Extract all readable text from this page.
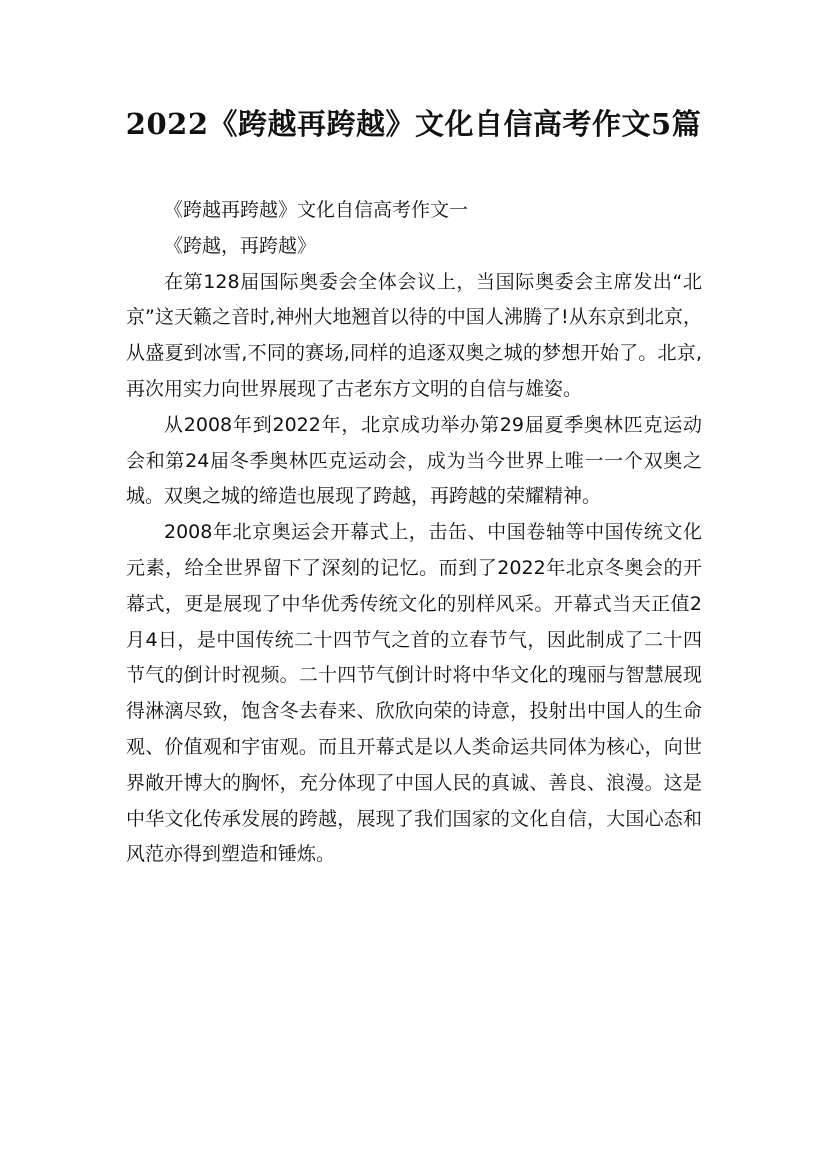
2022《跨越再跨越》文化自信高考作文5篇

《跨越再跨越》文化自信高考作文一

《跨越，再跨越》

在第128届国际奥委会全体会议上，当国际奥委会主席发出“北京”这天籁之音时,神州大地翘首以待的中国人沸腾了!从东京到北京，从盛夏到冰雪,不同的赛场,同样的追逐双奥之城的梦想开始了。北京,再次用实力向世界展现了古老东方文明的自信与雄姿。

从2008年到2022年，北京成功举办第29届夏季奥林匹克运动会和第24届冬季奥林匹克运动会，成为当今世界上唯一一个双奥之城。双奥之城的缔造也展现了跨越，再跨越的荣耀精神。

2008年北京奥运会开幕式上，击缶、中国卷轴等中国传统文化元素，给全世界留下了深刻的记忆。而到了2022年北京冬奥会的开幕式，更是展现了中华优秀传统文化的别样风采。开幕式当天正值2月4日，是中国传统二十四节气之首的立春节气，因此制成了二十四节气的倒计时视频。二十四节气倒计时将中华文化的瑰丽与智慧展现得淋漓尽致，饱含冬去春来、欣欣向荣的诗意，投射出中国人的生命观、价值观和宇宙观。而且开幕式是以人类命运共同体为核心，向世界敞开博大的胸怀，充分体现了中国人民的真诚、善良、浪漫。这是中华文化传承发展的跨越，展现了我们国家的文化自信，大国心态和风范亦得到塑造和锤炼。
